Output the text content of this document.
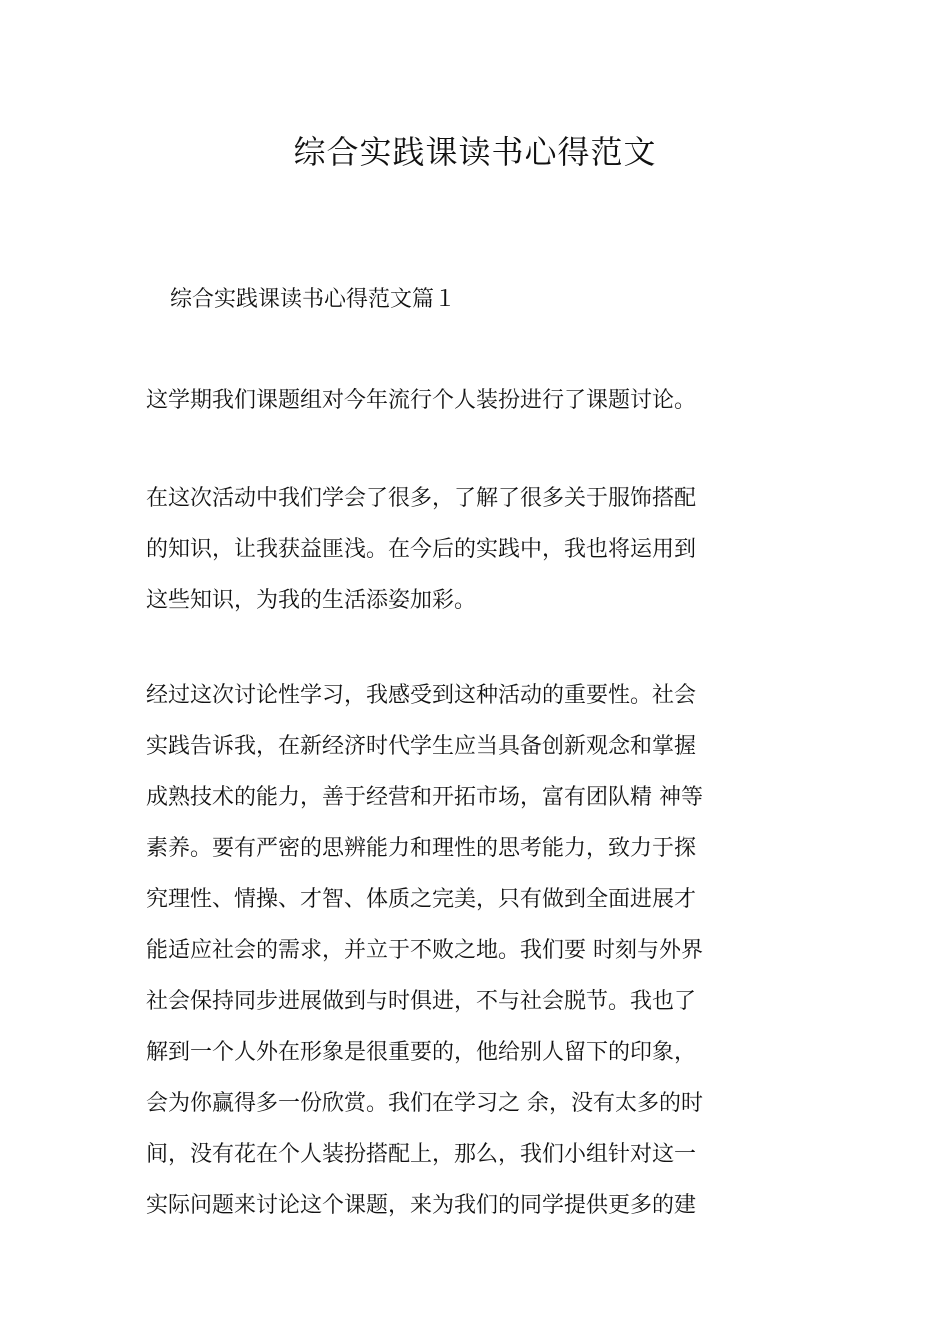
综合实践课读书心得范文

综合实践课读书心得范文篇１

这学期我们课题组对今年流行个人装扮进行了课题讨论。

在这次活动中我们学会了很多，了解了很多关于服饰搭配
的知识，让我获益匪浅。在今后的实践中，我也将运用到
这些知识，为我的生活添姿加彩。

经过这次讨论性学习，我感受到这种活动的重要性。社会
实践告诉我，在新经济时代学生应当具备创新观念和掌握
成熟技术的能力，善于经营和开拓市场，富有团队精 神等
素养。要有严密的思辨能力和理性的思考能力，致力于探
究理性、情操、才智、体质之完美，只有做到全面进展才
能适应社会的需求，并立于不败之地。我们要 时刻与外界
社会保持同步进展做到与时俱进，不与社会脱节。我也了
解到一个人外在形象是很重要的，他给别人留下的印象，
会为你赢得多一份欣赏。我们在学习之 余，没有太多的时
间，没有花在个人装扮搭配上，那么，我们小组针对这一
实际问题来讨论这个课题，来为我们的同学提供更多的建
